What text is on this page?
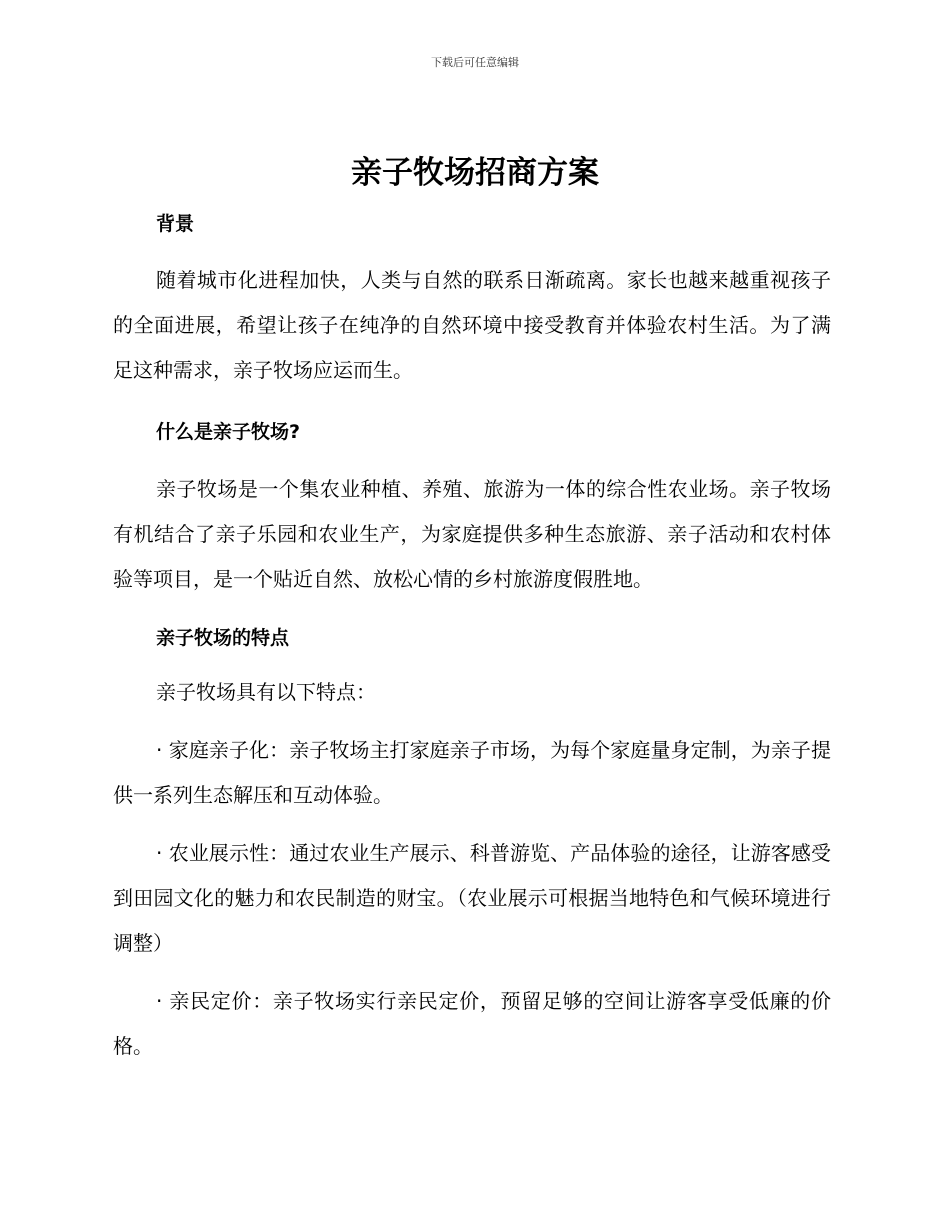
下载后可任意编辑
亲子牧场招商方案

背景

随着城市化进程加快，人类与自然的联系日渐疏离。家长也越来越重视孩子的全面进展，希望让孩子在纯净的自然环境中接受教育并体验农村生活。为了满足这种需求，亲子牧场应运而生。

什么是亲子牧场?

亲子牧场是一个集农业种植、养殖、旅游为一体的综合性农业场。亲子牧场有机结合了亲子乐园和农业生产，为家庭提供多种生态旅游、亲子活动和农村体验等项目，是一个贴近自然、放松心情的乡村旅游度假胜地。

亲子牧场的特点

亲子牧场具有以下特点：

· 家庭亲子化：亲子牧场主打家庭亲子市场，为每个家庭量身定制，为亲子提供一系列生态解压和互动体验。

· 农业展示性：通过农业生产展示、科普游览、产品体验的途径，让游客感受到田园文化的魅力和农民制造的财宝。（农业展示可根据当地特色和气候环境进行调整）

· 亲民定价：亲子牧场实行亲民定价，预留足够的空间让游客享受低廉的价格。
